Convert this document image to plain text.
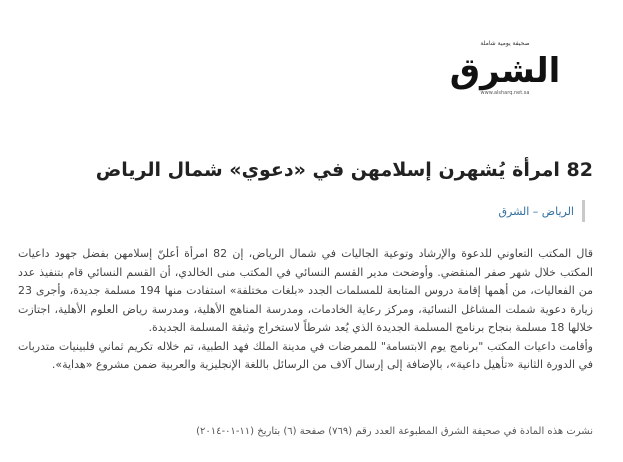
صحيفة يومية شاملة
الشرق
www.alsharq.net.sa
82 امرأة يُشهرن إسلامهن في «دعوي» شمال الرياض
الرياض – الشرق

قال المكتب التعاوني للدعوة والإرشاد وتوعية الجاليات في شمال الرياض، إن 82 امرأة أعلنّ إسلامهن بفضل جهود داعيات المكتب خلال شهر صفر المنقضي. وأوضحت مدير القسم النسائي في المكتب منى الخالدي، أن القسم النسائي قام بتنفيذ عدد من الفعاليات، من أهمها إقامة دروس المتابعة للمسلمات الجدد «بلغات مختلفة» استفادت منها 194 مسلمة جديدة، وأجرى 23 زيارة دعوية شملت المشاغل النسائية، ومركز رعاية الخادمات، ومدرسة المناهج الأهلية، ومدرسة رياض العلوم الأهلية، اجتازت خلالها 18 مسلمة بنجاح برنامج المسلمة الجديدة الذي يُعد شرطاً لاستخراج وثيقة المسلمة الجديدة.

وأقامت داعيات المكتب "برنامج يوم الابتسامة" للممرضات في مدينة الملك فهد الطبية، تم خلاله تكريم ثماني فلبينيات متدربات في الدورة الثانية «تأهيل داعية»، بالإضافة إلى إرسال آلاف من الرسائل باللغة الإنجليزية والعربية ضمن مشروع «هداية».

نشرت هذه المادة في صحيفة الشرق المطبوعة العدد رقم (٧٦٩) صفحة (٦) بتاريخ (١١-٠١-٢٠١٤)
